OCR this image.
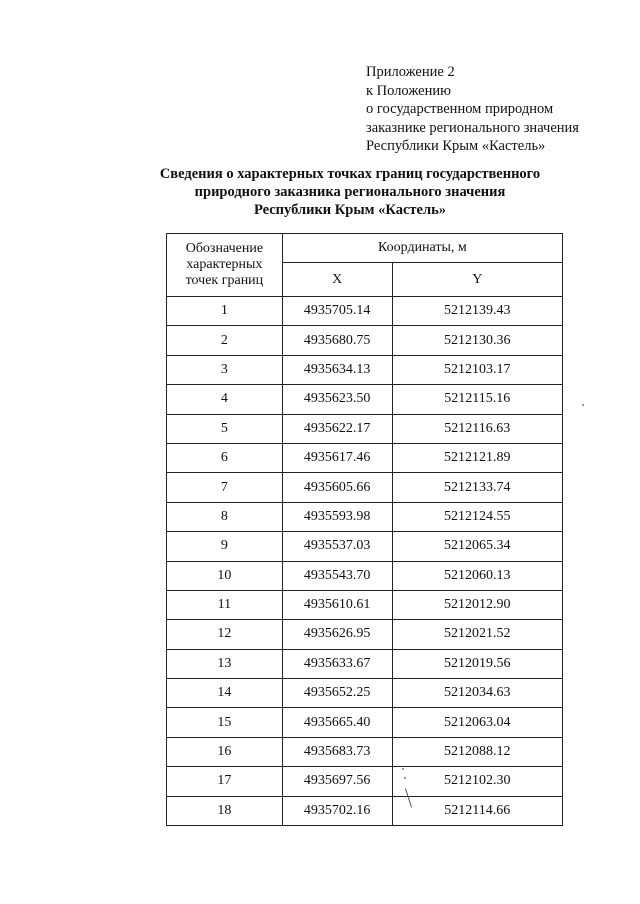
Приложение 2
к Положению
о государственном природном
заказнике регионального значения
Республики Крым «Кастель»
Сведения о характерных точках границ государственного
природного заказника регионального значения
Республики Крым «Кастель»
Обозначение
характерных
точек границ	Координаты, м	
	X	Y
1	4935705.14	5212139.43
2	4935680.75	5212130.36
3	4935634.13	5212103.17
4	4935623.50	5212115.16
5	4935622.17	5212116.63
6	4935617.46	5212121.89
7	4935605.66	5212133.74
8	4935593.98	5212124.55
9	4935537.03	5212065.34
10	4935543.70	5212060.13
11	4935610.61	5212012.90
12	4935626.95	5212021.52
13	4935633.67	5212019.56
14	4935652.25	5212034.63
15	4935665.40	5212063.04
16	4935683.73	5212088.12
17	4935697.56	5212102.30
18	4935702.16	5212114.66
